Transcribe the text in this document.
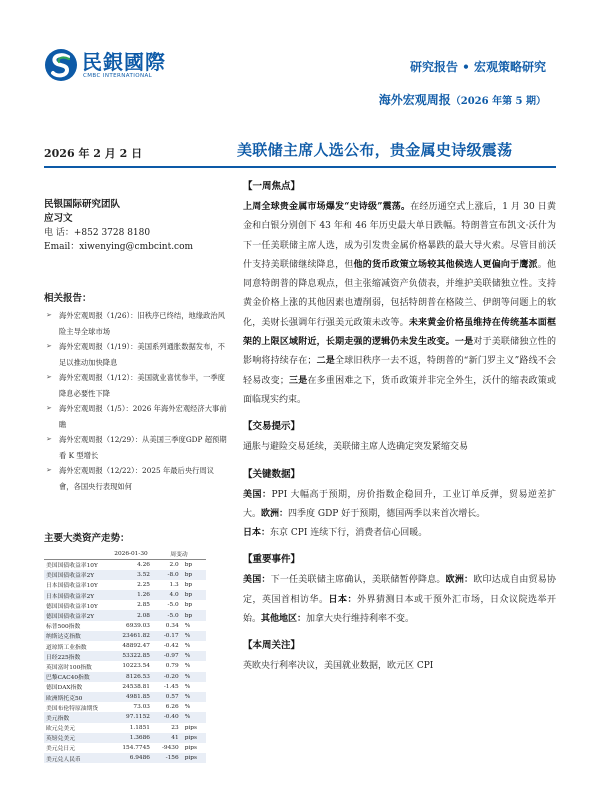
民銀國際
CMBC INTERNATIONAL
研究报告 • 宏观策略研究
海外宏观周报（2026 年第 5 期）
2026 年 2 月 2 日	美联储主席人选公布，贵金属史诗级震荡
民银国际研究团队
应习文
电 话：+852 3728 8180
Email：xiwenying@cmbcint.com
相关报告：
➢ 海外宏观周报（1/26）：旧秩序已终结，地缘政治风险主导全球市场
➢ 海外宏观周报（1/19）：美国系列通胀数据发布，不足以推动加快降息
➢ 海外宏观周报（1/12）：美国就业喜忧参半，一季度降息必要性下降
➢ 海外宏观周报（1/5）：2026 年海外宏观经济大事前瞻
➢ 海外宏观周报（12/29）：从美国三季度GDP 超预期看 K 型增长
➢ 海外宏观周报（12/22）：2025 年最后央行周议會，各国央行表现如何
主要大类资产走势：
	2026-01-30	周变动	
美国国债收益率10Y	4.26	2.0	bp
美国国债收益率2Y	3.52	-8.0	bp
日本国债收益率10Y	2.25	1.3	bp
日本国债收益率2Y	1.26	4.0	bp
德国国债收益率10Y	2.85	-5.0	bp
德国国债收益率2Y	2.08	-5.0	bp
标普500指数	6939.03	0.34	%
纳斯达克指数	23461.82	-0.17	%
道琼斯工业指数	48892.47	-0.42	%
日经225指数	53322.85	-0.97	%
英国富时100指数	10223.54	0.79	%
巴黎CAC40指数	8126.53	-0.20	%
德国DAX指数	24538.81	-1.45	%
欧洲斯托克50	4981.85	0.57	%
美国布伦特原油期货	73.03	6.26	%
美元指数	97.1152	-0.40	%
欧元兑美元	1.1851	23	pips
英镑兑美元	1.3686	41	pips
美元兑日元	154.7745	-9430	pips
美元兑人民币	6.9486	-156	pips
【一周焦点】

上周全球贵金属市场爆发“史诗级”震荡。在经历通空式上涨后，1 月 30 日黄金和白银分别创下 43 年和 46 年历史最大单日跌幅。特朗普宣布凯文·沃什为下一任美联储主席人选，成为引发贵金属价格暴跌的最大导火索。尽管目前沃什支持美联储继续降息，但他的货币政策立场较其他候选人更偏向于鹰派。他同意特朗普的降息观点，但主张缩减资产负债表，并维护美联储独立性。支持黄金价格上涨的其他因素也遭削弱，包括特朗普在格陵兰、伊朗等问题上的软化，美财长强调年行强美元政策未改等。未来黄金价格虽维持在传统基本面框架的上限区域附近，长期走强的逻辑仍未发生改变。一是对于美联储独立性的影响将持续存在；二是全球旧秩序一去不返，特朗普的“新门罗主义”路线不会轻易改变；三是在多重困难之下，货币政策并非完全外生，沃什的缩表政策或面临现实约束。

【交易提示】

通胀与避险交易延续，美联储主席人选确定突发紧缩交易

【关键数据】

美国：PPI 大幅高于预期，房价指数企稳回升，工业订单反弹，贸易逆差扩大。欧洲：四季度 GDP 好于预期，德国两季以来首次增长。
日本：东京 CPI 连续下行，消费者信心回暖。

【重要事件】

美国：下一任美联储主席确认，美联储暂停降息。欧洲：欧印达成自由贸易协定，英国首相访华。日本：外界猜测日本或干预外汇市场，日众议院选举开始。其他地区：加拿大央行维持利率不变。

【本周关注】

英欧央行利率决议，美国就业数据，欧元区 CPI
